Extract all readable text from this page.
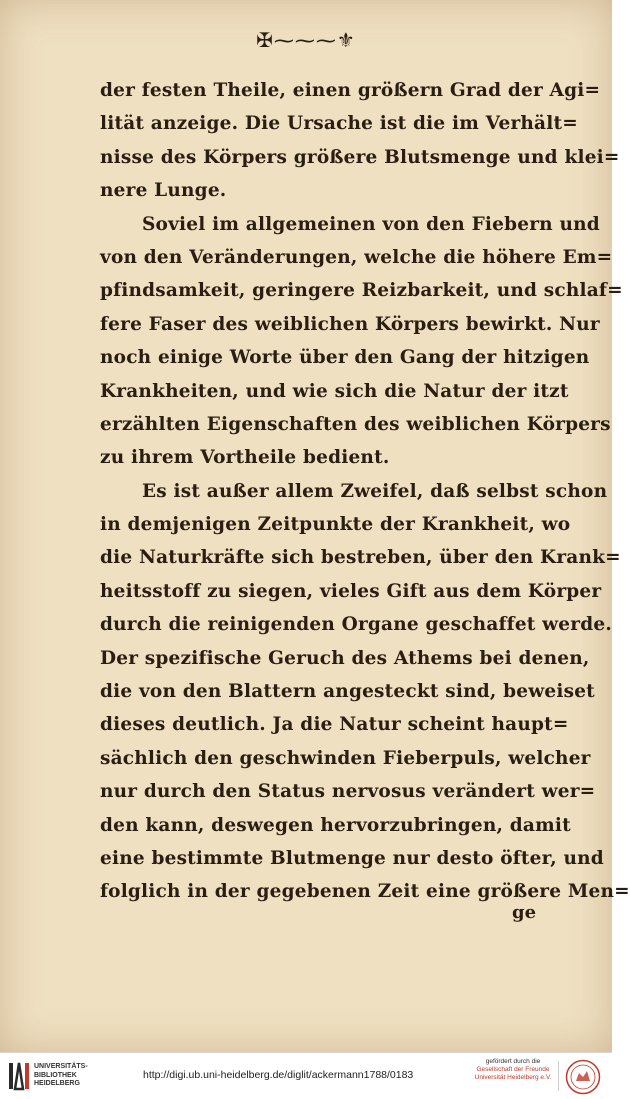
✠⁓⁓⁓⚜
der festen Theile, einen größern Grad der Agi=
lität anzeige. Die Ursache ist die im Verhält=
nisse des Körpers größere Blutsmenge und klei=
nere Lunge.
Soviel im allgemeinen von den Fiebern und
von den Veränderungen, welche die höhere Em=
pfindsamkeit, geringere Reizbarkeit, und schlaf=
fere Faser des weiblichen Körpers bewirkt. Nur
noch einige Worte über den Gang der hitzigen
Krankheiten, und wie sich die Natur der itzt
erzählten Eigenschaften des weiblichen Körpers
zu ihrem Vortheile bedient.
Es ist außer allem Zweifel, daß selbst schon
in demjenigen Zeitpunkte der Krankheit, wo
die Naturkräfte sich bestreben, über den Krank=
heitsstoff zu siegen, vieles Gift aus dem Körper
durch die reinigenden Organe geschaffet werde.
Der spezifische Geruch des Athems bei denen,
die von den Blattern angesteckt sind, beweiset
dieses deutlich. Ja die Natur scheint haupt=
sächlich den geschwinden Fieberpuls, welcher
nur durch den Status nervosus verändert wer=
den kann, deswegen hervorzubringen, damit
eine bestimmte Blutmenge nur desto öfter, und
folglich in der gegebenen Zeit eine größere Men=
ge
UNIVERSITÄTS-
BIBLIOTHEK
HEIDELBERG
http://digi.ub.uni-heidelberg.de/diglit/ackermann1788/0183
gefördert durch die
Gesellschaft der Freunde
Universität Heidelberg e.V.
